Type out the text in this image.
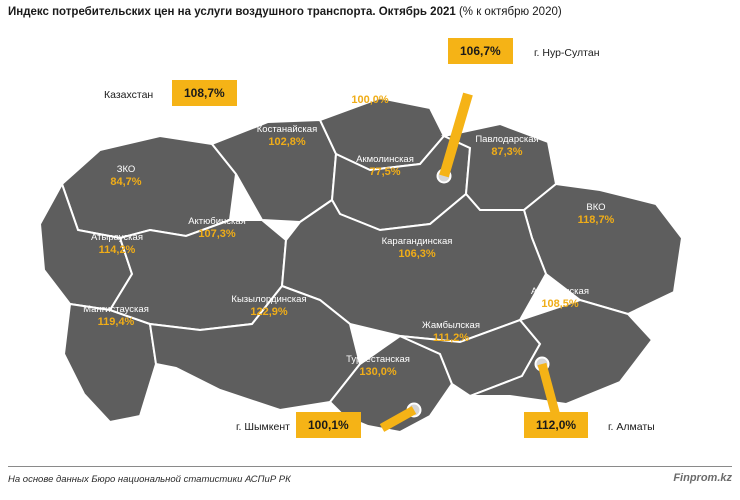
Индекс потребительских цен на услуги воздушного транспорта. Октябрь 2021 (% к октябрю 2020)
СКО
100,0%
Костанайская
102,8%	Павлодарская
87,3%
Акмолинская
77,5%
ЗКО
84,7%
Актюбинская
107,3%
ВКО
118,7%
Атырауская
114,2%
Карагандинская
106,3%
Мангистауская
119,4%
Кызылординская
122,9%
Алматинская
108,5%
Жамбылская
111,2%
Туркестанская
130,0%
Казахстан	108,7%
106,7%	г. Нур-Султан
г. Шымкент	100,1%	112,0%	г. Алматы
На основе данных Бюро национальной статистики АСПиР РК	Finprom.kz
